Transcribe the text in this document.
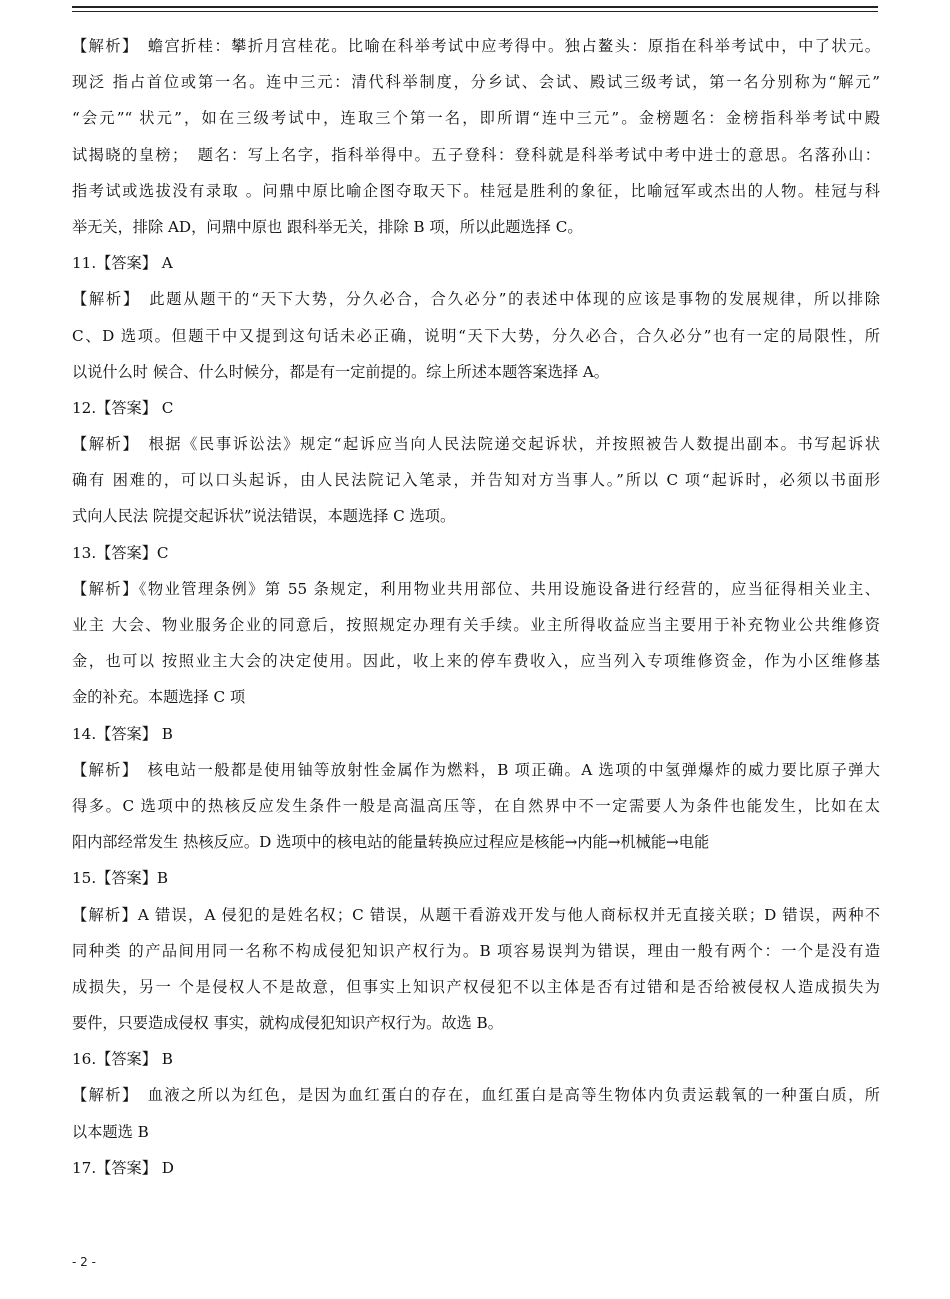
【解析】　蟾宫折桂：攀折月宫桂花。比喻在科举考试中应考得中。独占鳌头：原指在科举考试中，中了状元。
现泛 指占首位或第一名。连中三元：清代科举制度，分乡试、会试、殿试三级考试，第一名分别称为“解元”
“会元”“ 状元”，如在三级考试中，连取三个第一名，即所谓“连中三元”。金榜题名：金榜指科举考试中殿
试揭晓的皇榜；　题名：写上名字，指科举得中。五子登科：登科就是科举考试中考中进士的意思。名落孙山：
指考试或选拔没有录取 。问鼎中原比喻企图夺取天下。桂冠是胜利的象征，比喻冠军或杰出的人物。桂冠与科
举无关，排除 AD，问鼎中原也 跟科举无关，排除 B 项，所以此题选择 C。
11.【答案】 A
【解析】　此题从题干的“天下大势，分久必合，合久必分”的表述中体现的应该是事物的发展规律，所以排除
C、D 选项。但题干中又提到这句话未必正确，说明“天下大势，分久必合，合久必分”也有一定的局限性，所
以说什么时 候合、什么时候分，都是有一定前提的。综上所述本题答案选择 A。
12.【答案】 C
【解析】　根据《民事诉讼法》规定“起诉应当向人民法院递交起诉状，并按照被告人数提出副本。书写起诉状
确有 困难的，可以口头起诉，由人民法院记入笔录，并告知对方当事人。”所以 C 项“起诉时，必须以书面形
式向人民法 院提交起诉状”说法错误，本题选择 C 选项。
13.【答案】C
【解析】《物业管理条例》第 55 条规定，利用物业共用部位、共用设施设备进行经营的，应当征得相关业主、
业主 大会、物业服务企业的同意后，按照规定办理有关手续。业主所得收益应当主要用于补充物业公共维修资
金，也可以 按照业主大会的决定使用。因此，收上来的停车费收入，应当列入专项维修资金，作为小区维修基
金的补充。本题选择 C 项
14.【答案】 B
【解析】　核电站一般都是使用铀等放射性金属作为燃料，B 项正确。A 选项的中氢弹爆炸的威力要比原子弹大
得多。C 选项中的热核反应发生条件一般是高温高压等，在自然界中不一定需要人为条件也能发生，比如在太
阳内部经常发生 热核反应。D 选项中的核电站的能量转换应过程应是核能→内能→机械能→电能
15.【答案】B
【解析】A 错误，A 侵犯的是姓名权；C 错误，从题干看游戏开发与他人商标权并无直接关联；D 错误，两种不
同种类 的产品间用同一名称不构成侵犯知识产权行为。B 项容易误判为错误，理由一般有两个：一个是没有造
成损失，另一 个是侵权人不是故意，但事实上知识产权侵犯不以主体是否有过错和是否给被侵权人造成损失为
要件，只要造成侵权 事实，就构成侵犯知识产权行为。故选 B。
16.【答案】 B
【解析】　血液之所以为红色，是因为血红蛋白的存在，血红蛋白是高等生物体内负责运载氧的一种蛋白质，所
以本题选 B
17.【答案】 D
- 2 -
